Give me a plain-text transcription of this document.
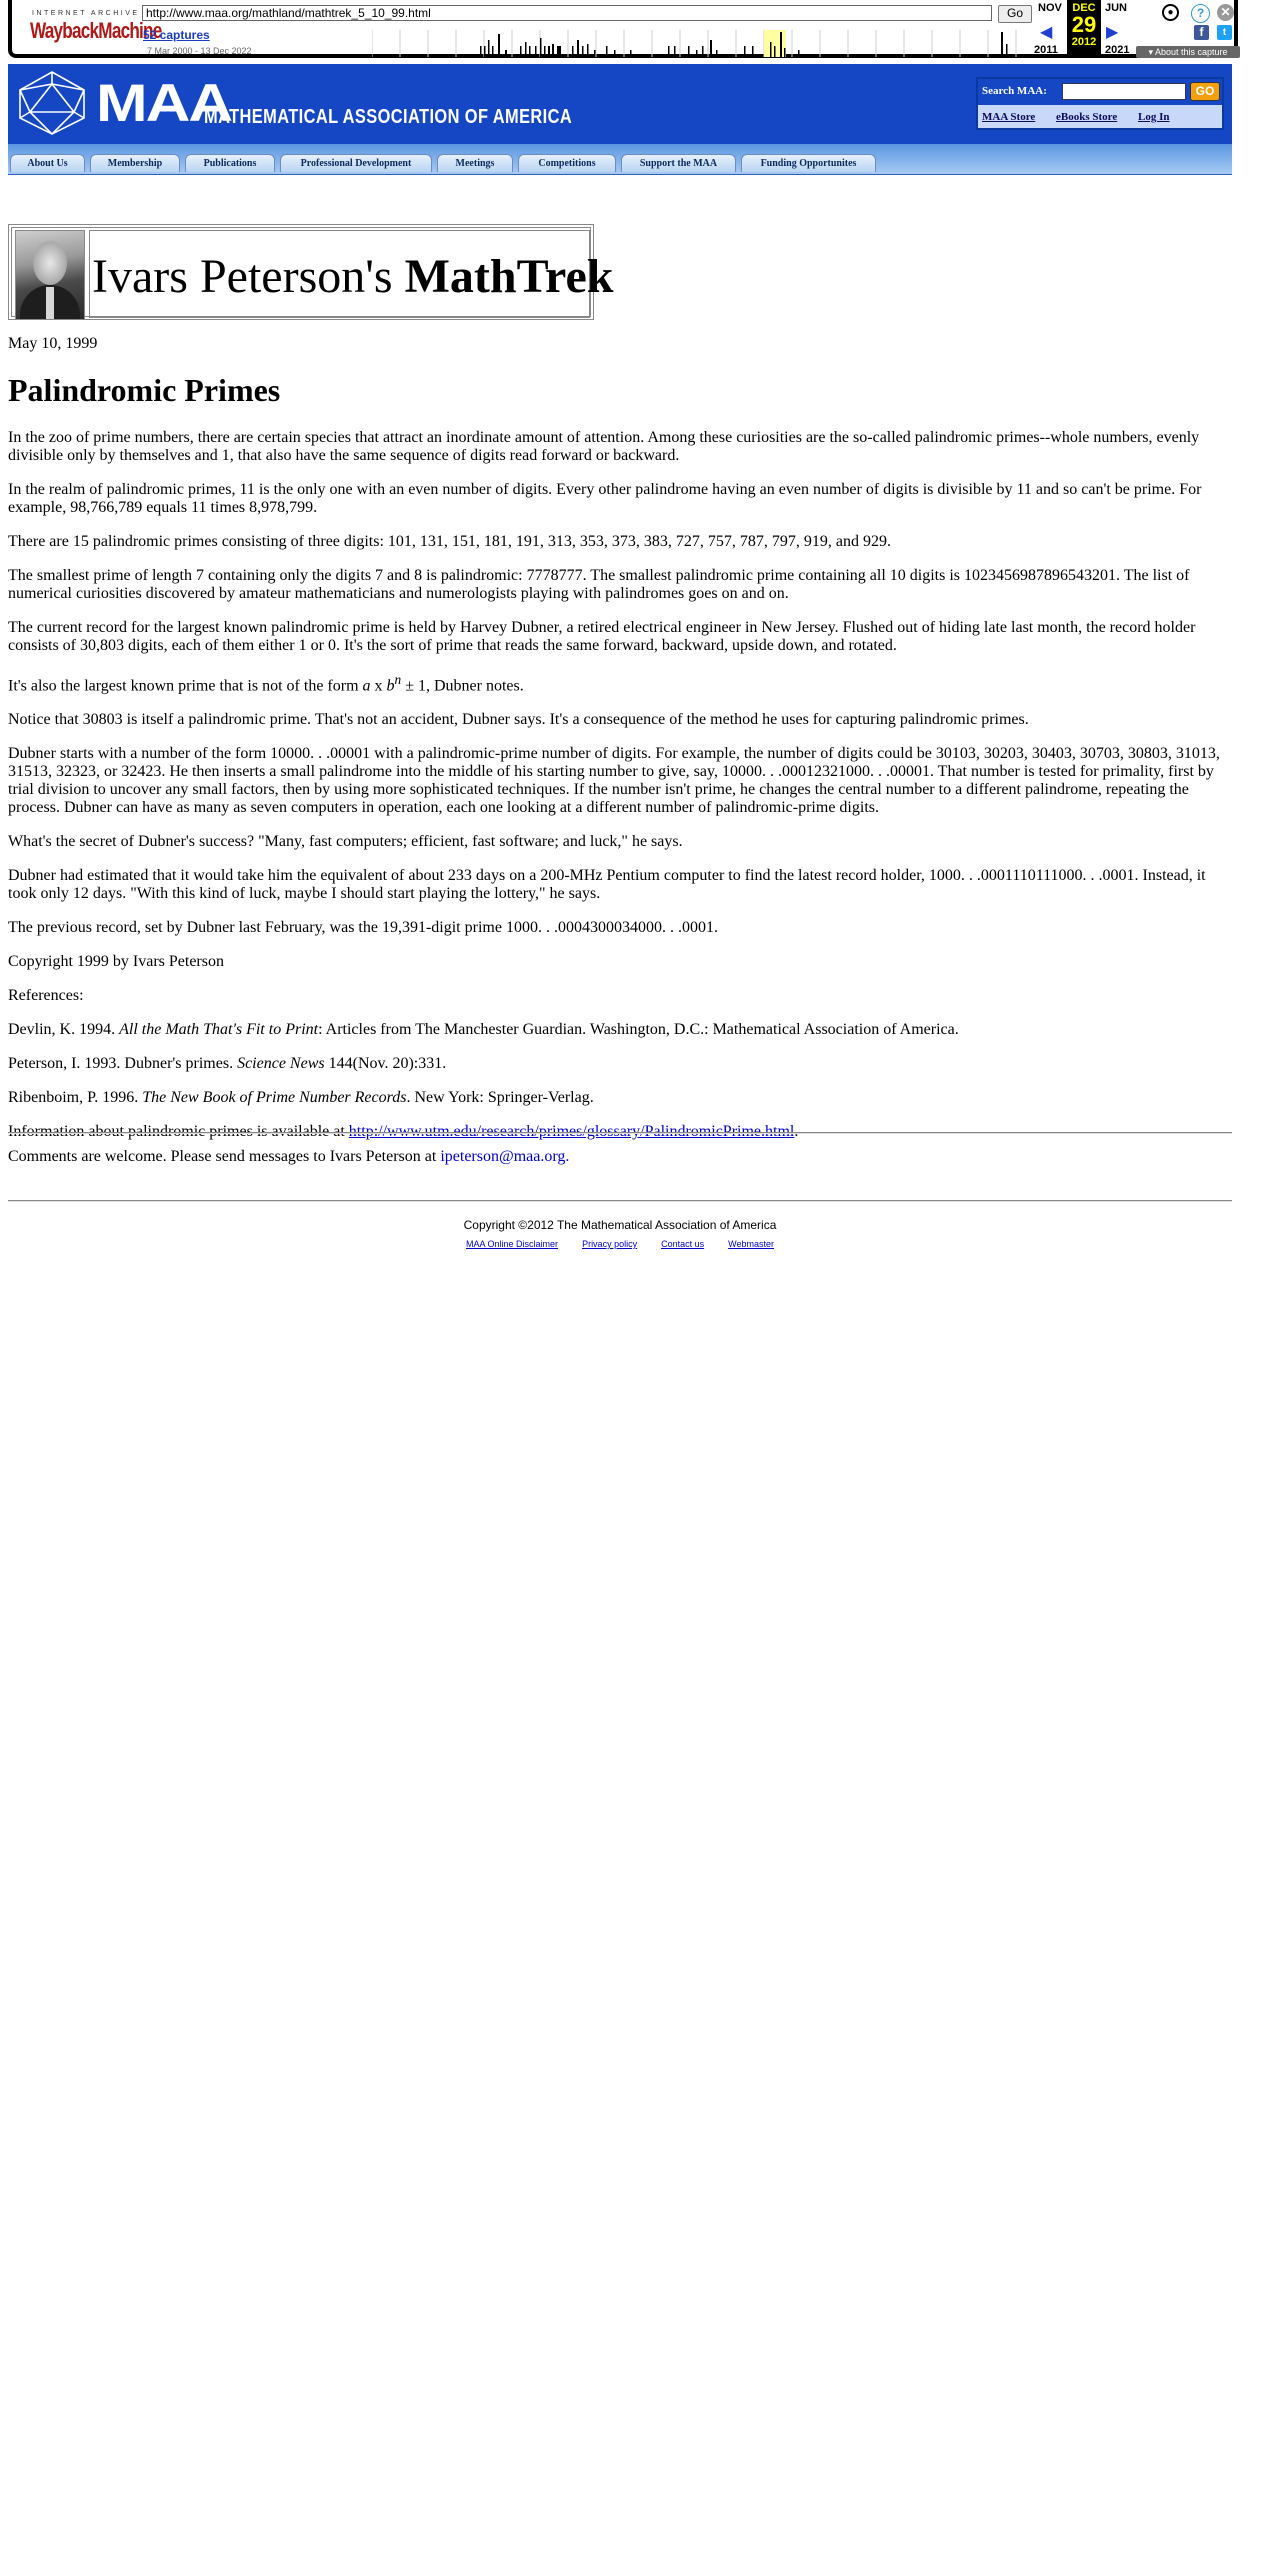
INTERNET ARCHIVE
WaybackMachine
http://www.maa.org/mathland/mathtrek_5_10_99.html	Go
52 captures
7 Mar 2000 - 13 Dec 2022
NOV
◀
2011
DEC
29
2012
JUN
▶
2021
●	?	✕
f	t
▾ About this capture
MAA
MATHEMATICAL ASSOCIATION OF AMERICA
Search MAA:	GO
MAA Store eBooks Store Log In
About Us	Membership	Publications	Professional Development	Meetings	Competitions	Support the MAA	Funding Opportunites
Ivars Peterson's MathTrek
May 10, 1999
Palindromic Primes

In the zoo of prime numbers, there are certain species that attract an inordinate amount of attention. Among these curiosities are the so-called palindromic primes--whole numbers, evenly divisible only by themselves and 1, that also have the same sequence of digits read forward or backward.

In the realm of palindromic primes, 11 is the only one with an even number of digits. Every other palindrome having an even number of digits is divisible by 11 and so can't be prime. For example, 98,766,789 equals 11 times 8,978,799.

There are 15 palindromic primes consisting of three digits: 101, 131, 151, 181, 191, 313, 353, 373, 383, 727, 757, 787, 797, 919, and 929.

The smallest prime of length 7 containing only the digits 7 and 8 is palindromic: 7778777. The smallest palindromic prime containing all 10 digits is 1023456987896543201. The list of numerical curiosities discovered by amateur mathematicians and numerologists playing with palindromes goes on and on.

The current record for the largest known palindromic prime is held by Harvey Dubner, a retired electrical engineer in New Jersey. Flushed out of hiding late last month, the record holder consists of 30,803 digits, each of them either 1 or 0. It's the sort of prime that reads the same forward, backward, upside down, and rotated.

It's also the largest known prime that is not of the form a x $b^n \pm 1$, Dubner notes.

Notice that 30803 is itself a palindromic prime. That's not an accident, Dubner says. It's a consequence of the method he uses for capturing palindromic primes.

Dubner starts with a number of the form 10000. . .00001 with a palindromic-prime number of digits. For example, the number of digits could be 30103, 30203, 30403, 30703, 30803, 31013, 31513, 32323, or 32423. He then inserts a small palindrome into the middle of his starting number to give, say, 10000. . .00012321000. . .00001. That number is tested for primality, first by trial division to uncover any small factors, then by using more sophisticated techniques. If the number isn't prime, he changes the central number to a different palindrome, repeating the process. Dubner can have as many as seven computers in operation, each one looking at a different number of palindromic-prime digits.

What's the secret of Dubner's success? "Many, fast computers; efficient, fast software; and luck," he says.

Dubner had estimated that it would take him the equivalent of about 233 days on a 200-MHz Pentium computer to find the latest record holder, 1000. . .0001110111000. . .0001. Instead, it took only 12 days. "With this kind of luck, maybe I should start playing the lottery," he says.

The previous record, set by Dubner last February, was the 19,391-digit prime 1000. . .0004300034000. . .0001.

Copyright 1999 by Ivars Peterson

References:

Devlin, K. 1994. All the Math That's Fit to Print: Articles from The Manchester Guardian. Washington, D.C.: Mathematical Association of America.

Peterson, I. 1993. Dubner's primes. Science News 144(Nov. 20):331.

Ribenboim, P. 1996. The New Book of Prime Number Records. New York: Springer-Verlag.

Information about palindromic primes is available at http://www.utm.edu/research/primes/glossary/PalindromicPrime.html.

Comments are welcome. Please send messages to Ivars Peterson at ipeterson@maa.org.
Copyright ©2012 The Mathematical Association of America
MAA Online Disclaimer	Privacy policy	Contact us	Webmaster
